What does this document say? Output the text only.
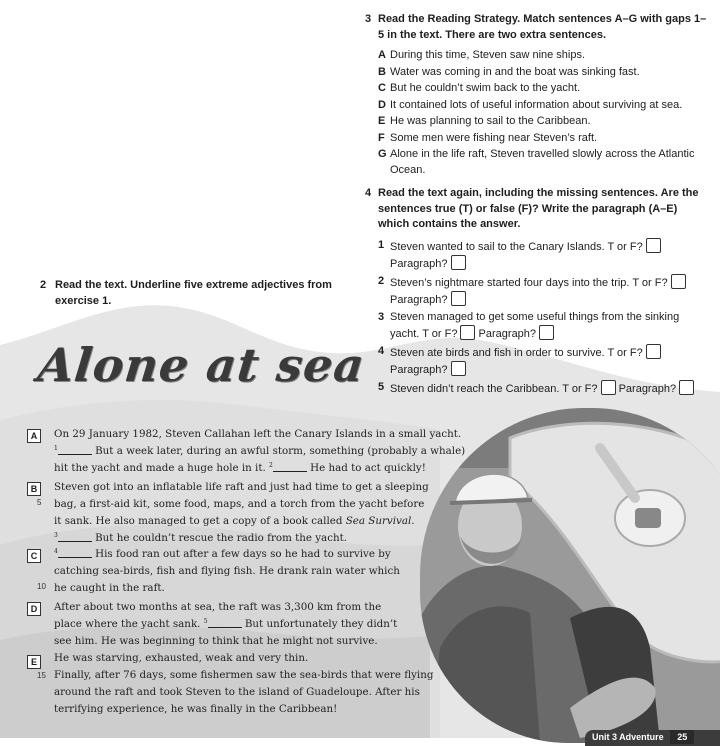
3 Read the Reading Strategy. Match sentences A–G with gaps 1–5 in the text. There are two extra sentences.
A During this time, Steven saw nine ships.
B Water was coming in and the boat was sinking fast.
C But he couldn’t swim back to the yacht.
D It contained lots of useful information about surviving at sea.
E He was planning to sail to the Caribbean.
F Some men were fishing near Steven’s raft.
G Alone in the life raft, Steven travelled slowly across the Atlantic Ocean.
4 Read the text again, including the missing sentences. Are the sentences true (T) or false (F)? Write the paragraph (A–E) which contains the answer.
1 Steven wanted to sail to the Canary Islands. T or F?
Paragraph?
2 Steven’s nightmare started four days into the trip. T or F?
Paragraph?
3 Steven managed to get some useful things from the sinking yacht. T or F? Paragraph?
4 Steven ate birds and fish in order to survive. T or F?
Paragraph?
5 Steven didn’t reach the Caribbean. T or F? Paragraph?
2 Read the text. Underline five extreme adjectives from exercise 1.
Alone at sea
A	On 29 January 1982, Steven Callahan left the Canary Islands in a small yacht.
$^1$	But a week later, during an awful storm, something (probably a whale)
hit the yacht and made a huge hole in it. $^2$	He had to act quickly!
B
5
Steven got into an inflatable life raft and just had time to get a sleeping
bag, a first-aid kit, some food, maps, and a torch from the yacht before
it sank. He also managed to get a copy of a book called Sea Survival.
$^3$	But he couldn’t rescue the radio from the yacht.
C
10
$^4$	His food ran out after a few days so he had to survive by
catching sea-birds, fish and flying fish. He drank rain water which
he caught in the raft.
D	After about two months at sea, the raft was 3,300 km from the
place where the yacht sank. $^5$	But unfortunately they didn’t
see him. He was beginning to think that he might not survive.
He was starving, exhausted, weak and very thin.
E
15 Finally, after 76 days, some fishermen saw the sea-birds that were flying
around the raft and took Steven to the island of Guadeloupe. After his
terrifying experience, he was finally in the Caribbean!
Unit 3 Adventure 25
